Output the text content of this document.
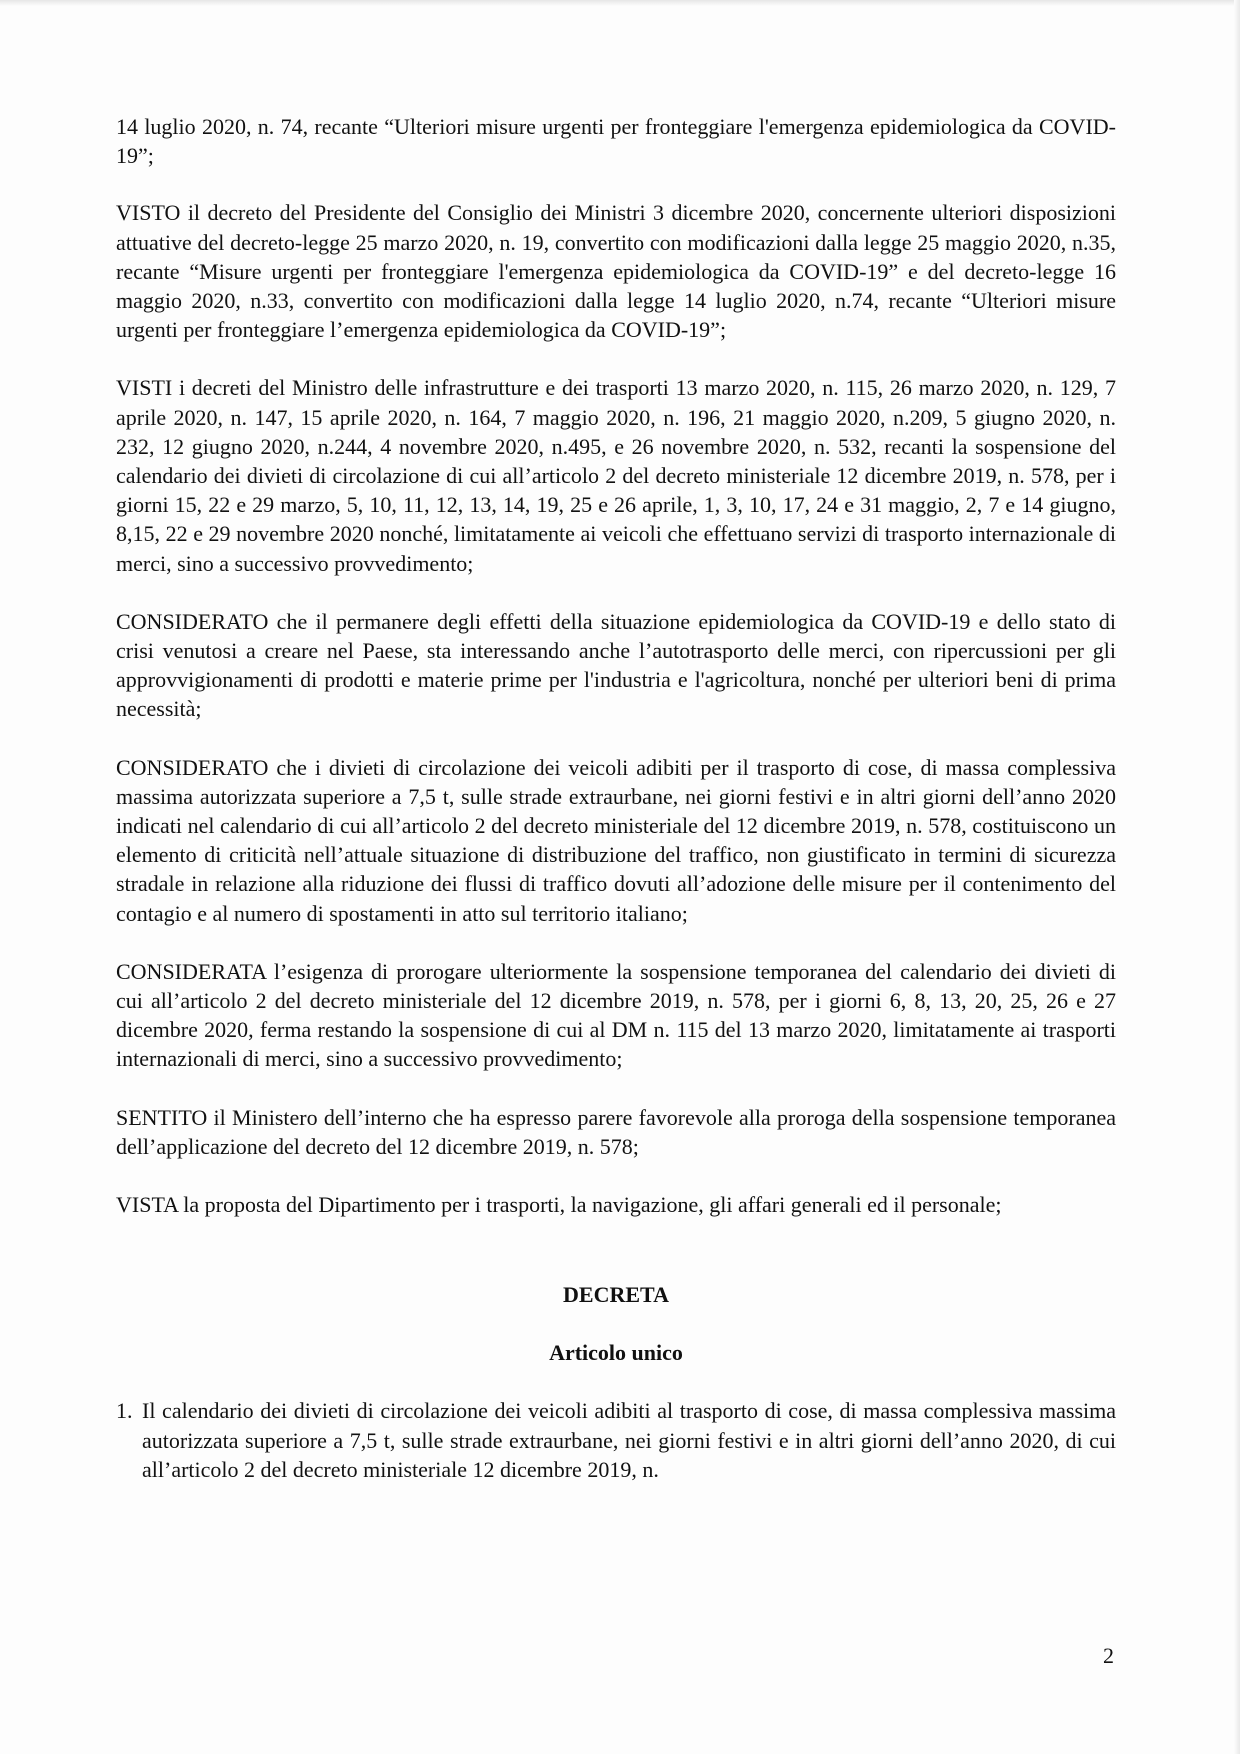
14 luglio 2020, n. 74, recante “Ulteriori misure urgenti per fronteggiare l'emergenza epidemiologica da COVID-19”;

VISTO il decreto del Presidente del Consiglio dei Ministri 3 dicembre 2020, concernente ulteriori disposizioni attuative del decreto-legge 25 marzo 2020, n. 19, convertito con modificazioni dalla legge 25 maggio 2020, n.35, recante “Misure urgenti per fronteggiare l'emergenza epidemiologica da COVID-19” e del decreto-legge 16 maggio 2020, n.33, convertito con modificazioni dalla legge 14 luglio 2020, n.74, recante “Ulteriori misure urgenti per fronteggiare l’emergenza epidemiologica da COVID-19”;

VISTI i decreti del Ministro delle infrastrutture e dei trasporti 13 marzo 2020, n. 115, 26 marzo 2020, n. 129, 7 aprile 2020, n. 147, 15 aprile 2020, n. 164, 7 maggio 2020, n. 196, 21 maggio 2020, n.209, 5 giugno 2020, n. 232, 12 giugno 2020, n.244, 4 novembre 2020, n.495, e 26 novembre 2020, n. 532, recanti la sospensione del calendario dei divieti di circolazione di cui all’articolo 2 del decreto ministeriale 12 dicembre 2019, n. 578, per i giorni 15, 22 e 29 marzo, 5, 10, 11, 12, 13, 14, 19, 25 e 26 aprile, 1, 3, 10, 17, 24 e 31 maggio, 2, 7 e 14 giugno, 8,15, 22 e 29 novembre 2020 nonché, limitatamente ai veicoli che effettuano servizi di trasporto internazionale di merci, sino a successivo provvedimento;

CONSIDERATO che il permanere degli effetti della situazione epidemiologica da COVID-19 e dello stato di crisi venutosi a creare nel Paese, sta interessando anche l’autotrasporto delle merci, con ripercussioni per gli approvvigionamenti di prodotti e materie prime per l'industria e l'agricoltura, nonché per ulteriori beni di prima necessità;

CONSIDERATO che i divieti di circolazione dei veicoli adibiti per il trasporto di cose, di massa complessiva massima autorizzata superiore a 7,5 t, sulle strade extraurbane, nei giorni festivi e in altri giorni dell’anno 2020 indicati nel calendario di cui all’articolo 2 del decreto ministeriale del 12 dicembre 2019, n. 578, costituiscono un elemento di criticità nell’attuale situazione di distribuzione del traffico, non giustificato in termini di sicurezza stradale in relazione alla riduzione dei flussi di traffico dovuti all’adozione delle misure per il contenimento del contagio e al numero di spostamenti in atto sul territorio italiano;

CONSIDERATA l’esigenza di prorogare ulteriormente la sospensione temporanea del calendario dei divieti di cui all’articolo 2 del decreto ministeriale del 12 dicembre 2019, n. 578, per i giorni 6, 8, 13, 20, 25, 26 e 27 dicembre 2020, ferma restando la sospensione di cui al DM n. 115 del 13 marzo 2020, limitatamente ai trasporti internazionali di merci, sino a successivo provvedimento;

SENTITO il Ministero dell’interno che ha espresso parere favorevole alla proroga della sospensione temporanea dell’applicazione del decreto del 12 dicembre 2019, n. 578;

VISTA la proposta del Dipartimento per i trasporti, la navigazione, gli affari generali ed il personale;

DECRETA

Articolo unico

1. Il calendario dei divieti di circolazione dei veicoli adibiti al trasporto di cose, di massa complessiva massima autorizzata superiore a 7,5 t, sulle strade extraurbane, nei giorni festivi e in altri giorni dell’anno 2020, di cui all’articolo 2 del decreto ministeriale 12 dicembre 2019, n.
2
